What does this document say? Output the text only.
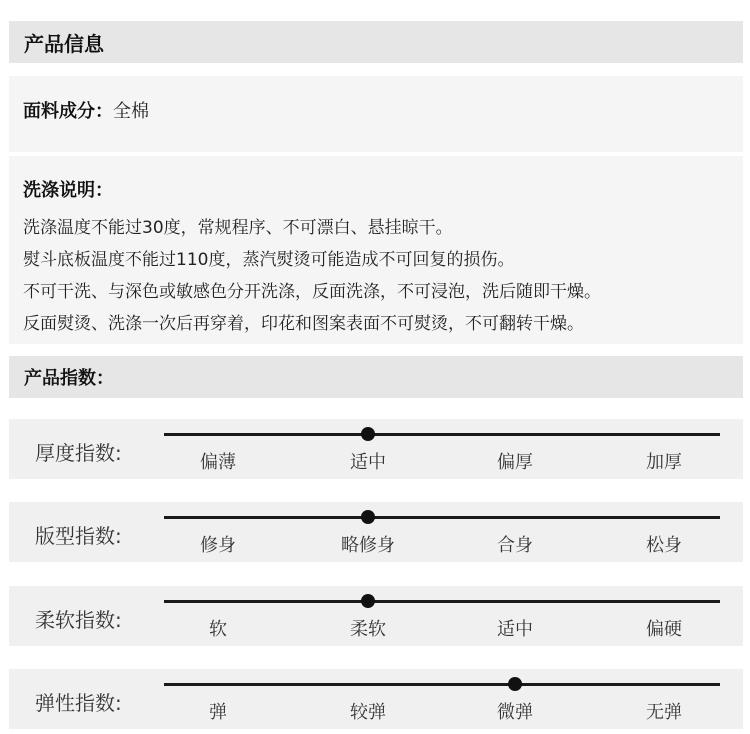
产品信息
面料成分：全棉
洗涤说明：
洗涤温度不能过30度，常规程序、不可漂白、悬挂晾干。
熨斗底板温度不能过110度，蒸汽熨烫可能造成不可回复的损伤。
不可干洗、与深色或敏感色分开洗涤，反面洗涤，不可浸泡，洗后随即干燥。
反面熨烫、洗涤一次后再穿着，印花和图案表面不可熨烫，不可翻转干燥。
产品指数：
厚度指数:	偏薄	适中	偏厚	加厚
版型指数:	修身	略修身	合身	松身
柔软指数:	软	柔软	适中	偏硬
弹性指数:	弹	较弹	微弹	无弹
